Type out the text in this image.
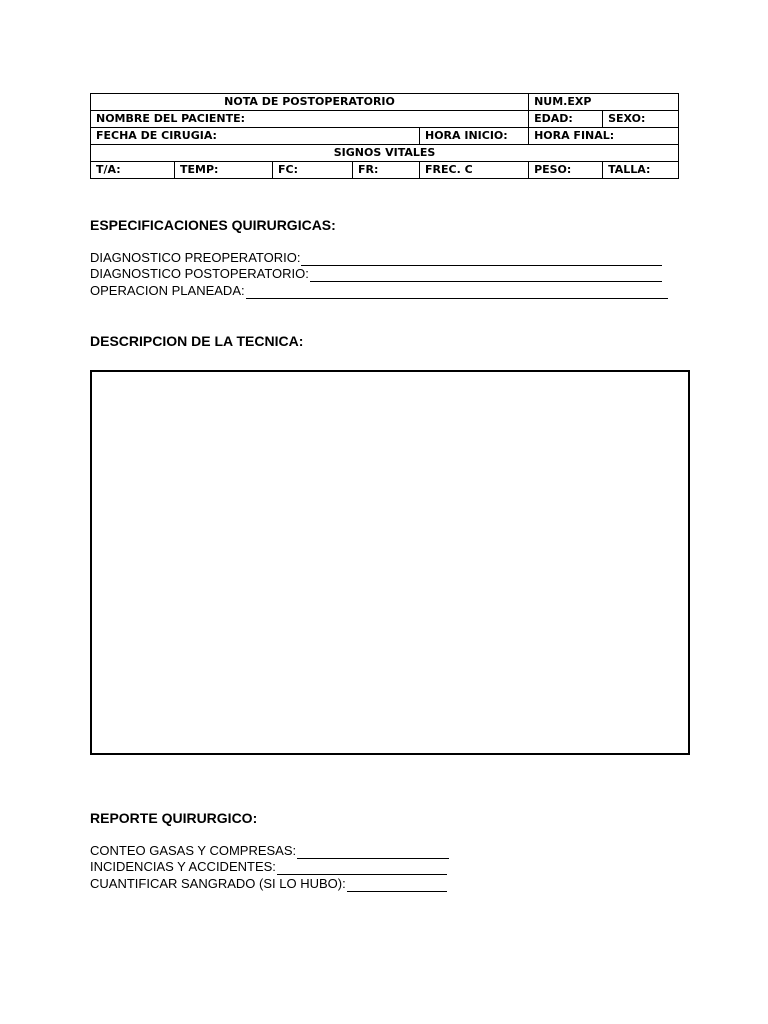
NOTA DE POSTOPERATORIO					NUM.EXP	
NOMBRE DEL PACIENTE:					EDAD:	SEXO:
FECHA DE CIRUGIA:				HORA INICIO:	HORA FINAL:	
SIGNOS VITALES						
T/A:	TEMP:	FC:	FR:	FREC. C	PESO:	TALLA:
ESPECIFICACIONES QUIRURGICAS:
DIAGNOSTICO PREOPERATORIO:
DIAGNOSTICO POSTOPERATORIO:
OPERACION PLANEADA:
DESCRIPCION DE LA TECNICA:
REPORTE QUIRURGICO:
CONTEO GASAS Y COMPRESAS:
INCIDENCIAS Y ACCIDENTES:
CUANTIFICAR SANGRADO (SI LO HUBO):
